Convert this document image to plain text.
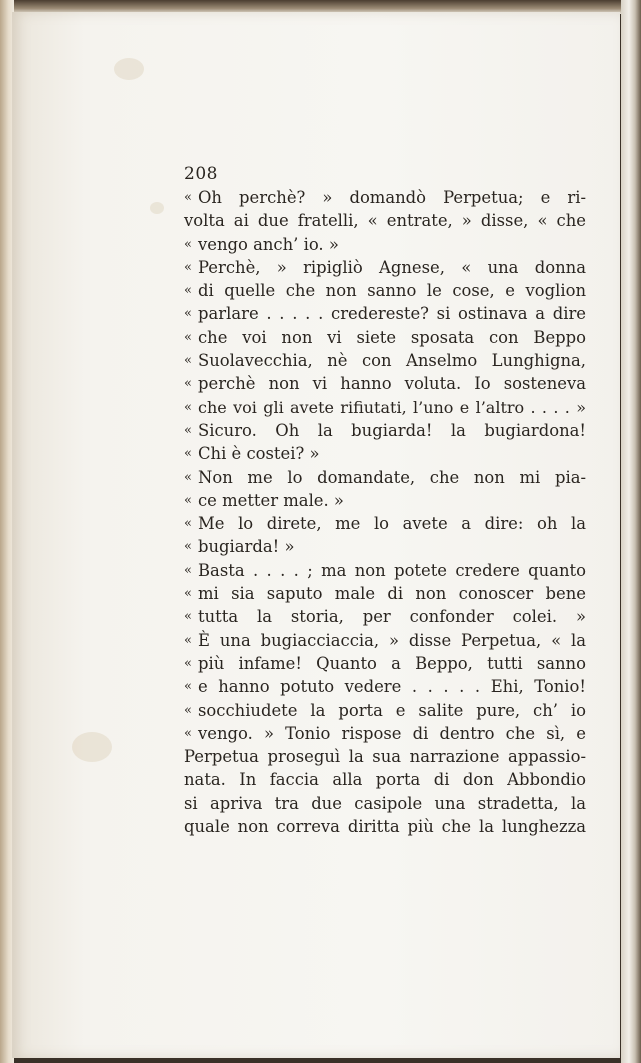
208
« Oh perchè? » domandò Perpetua; e ri-
volta ai due fratelli, « entrate, » disse, « che
« vengo anch’ io. »
« Perchè, » ripigliò Agnese, « una donna
« di quelle che non sanno le cose, e voglion
« parlare . . . . . credereste? si ostinava a dire
« che voi non vi siete sposata con Beppo
« Suolavecchia, nè con Anselmo Lunghigna,
« perchè non vi hanno voluta. Io sosteneva
« che voi gli avete rifiutati, l’uno e l’altro . . . . »
« Sicuro. Oh la bugiarda! la bugiardona!
« Chi è costei? »
« Non me lo domandate, che non mi pia-
« ce metter male. »
« Me lo direte, me lo avete a dire: oh la
« bugiarda! »
« Basta . . . . ; ma non potete credere quanto
« mi sia saputo male di non conoscer bene
« tutta la storia, per confonder colei. »
« È una bugiacciaccia, » disse Perpetua, « la
« più infame! Quanto a Beppo, tutti sanno
« e hanno potuto vedere . . . . . Ehi, Tonio!
« socchiudete la porta e salite pure, ch’ io
« vengo. » Tonio rispose di dentro che sì, e
Perpetua proseguì la sua narrazione appassio-
nata. In faccia alla porta di don Abbondio
si apriva tra due casipole una stradetta, la
quale non correva diritta più che la lunghezza
